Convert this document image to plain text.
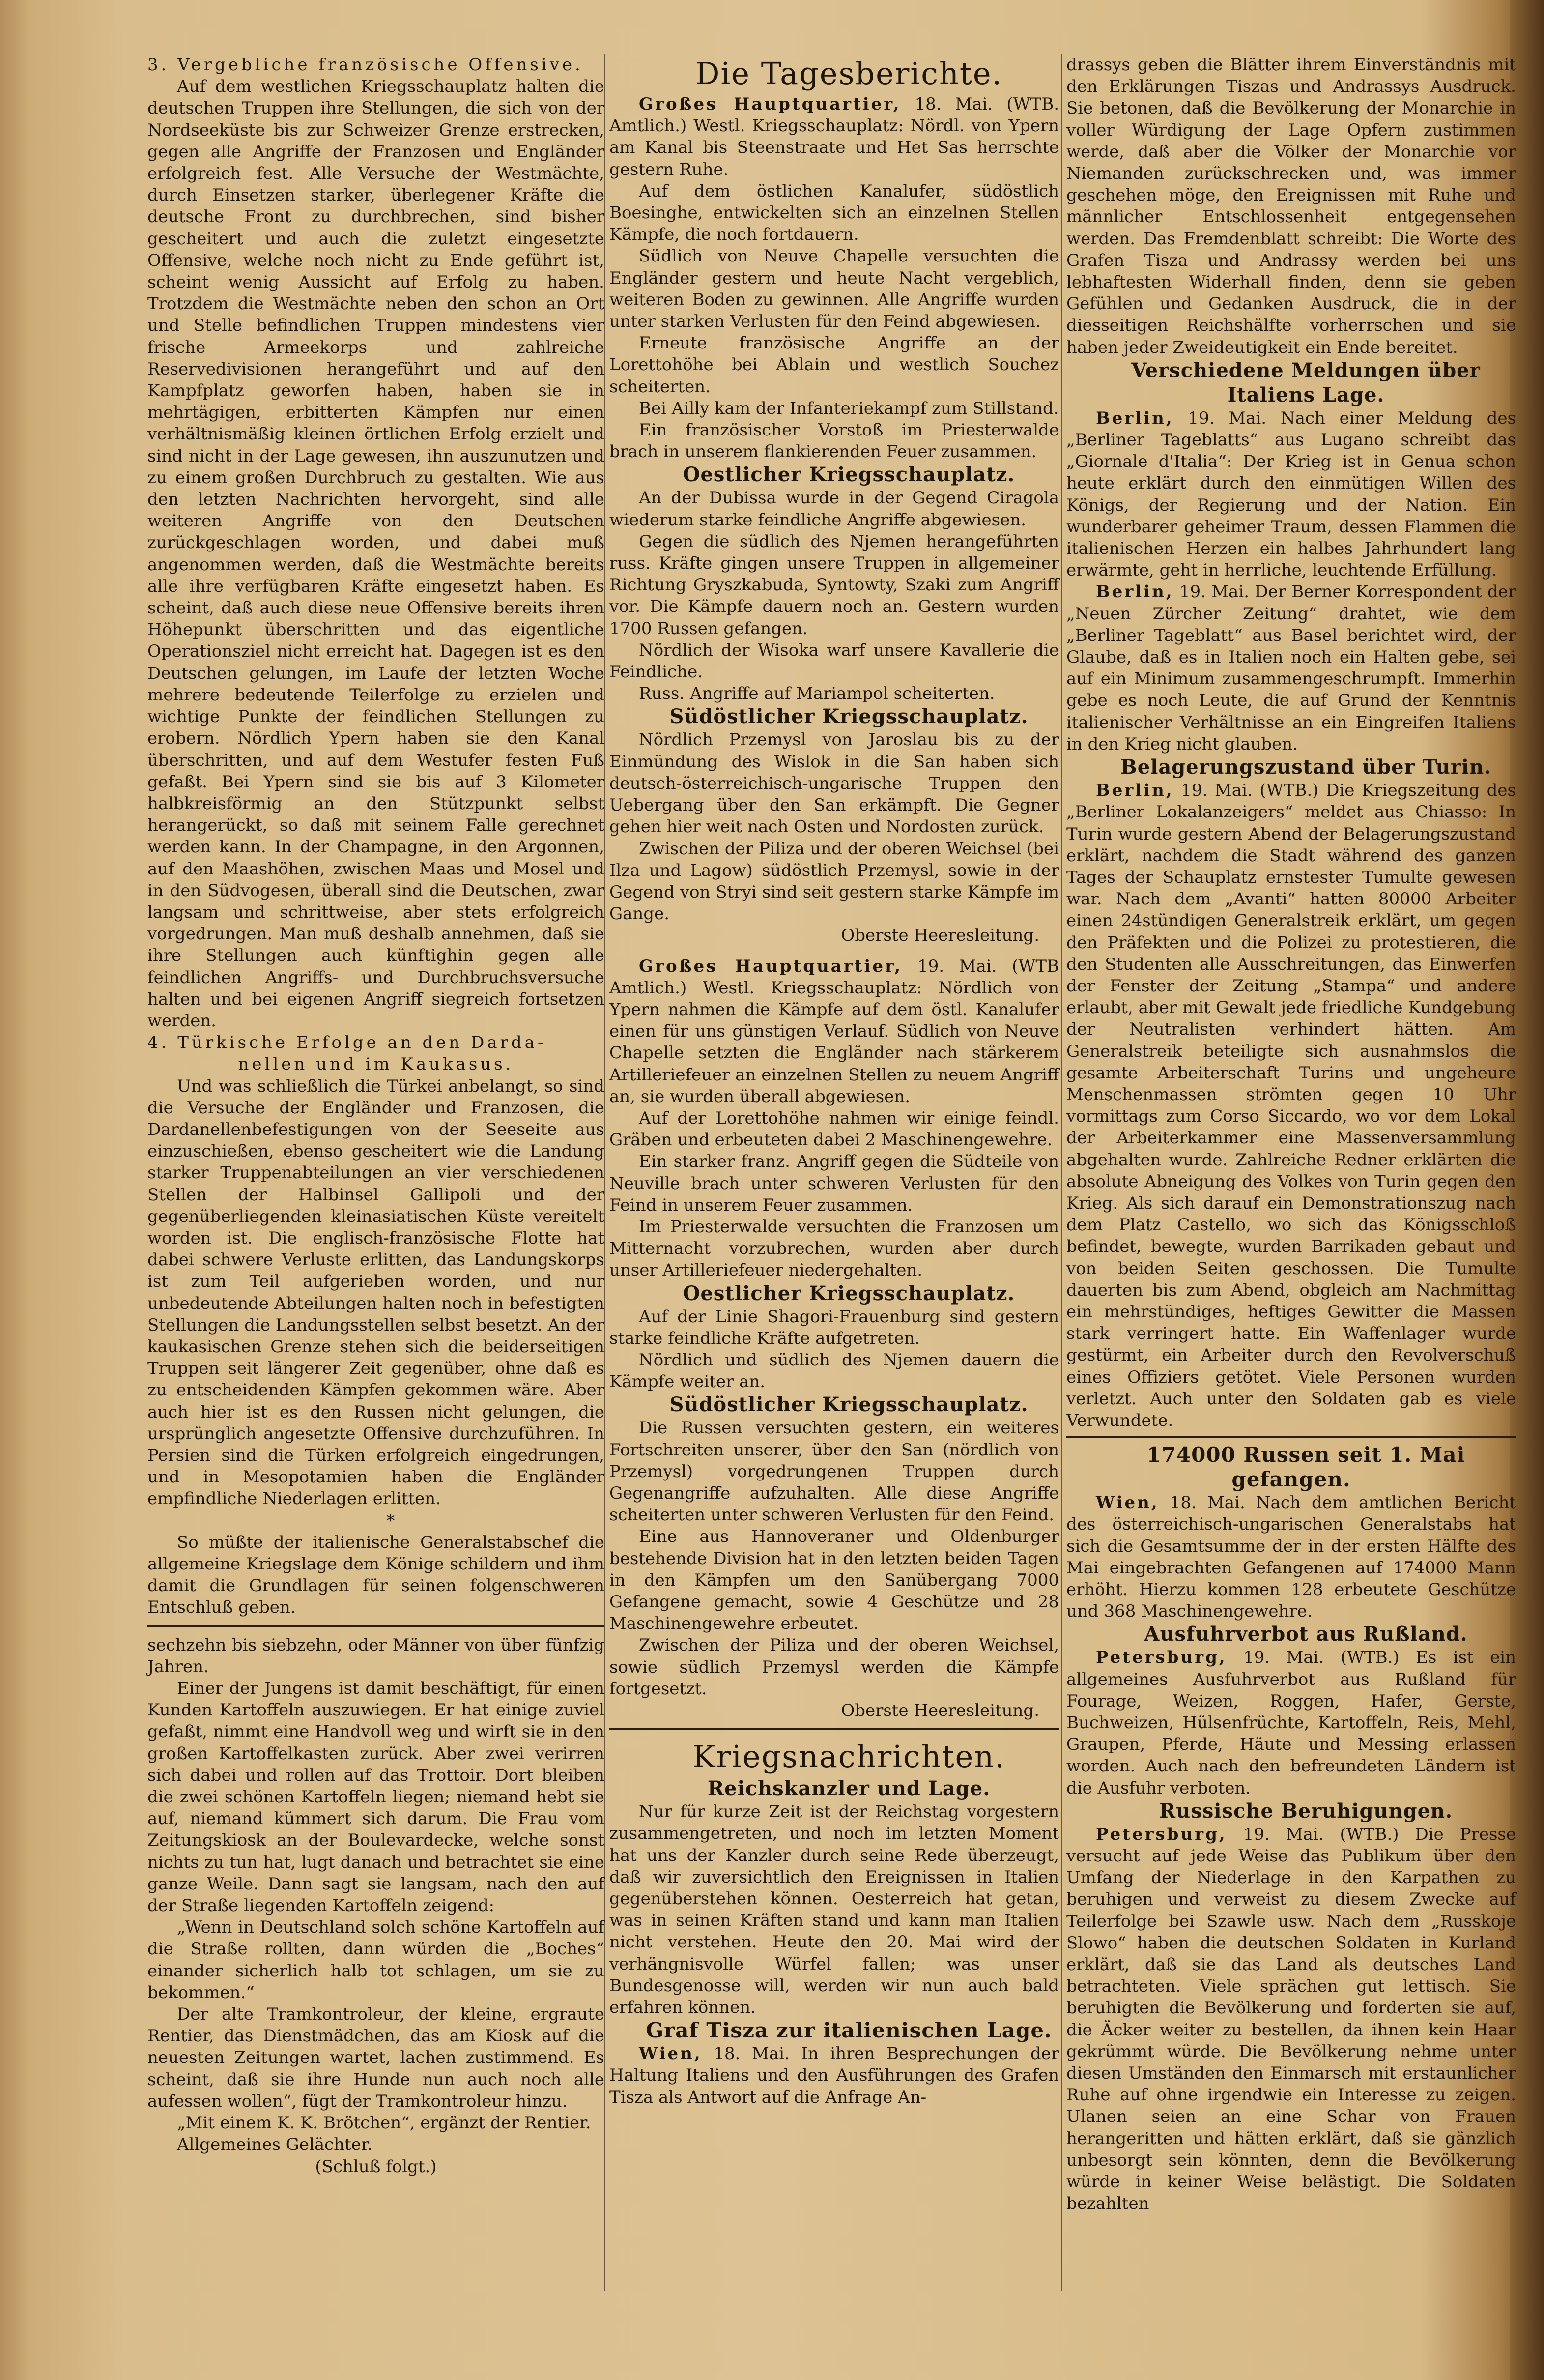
3. Vergebliche französische Offensive.

Auf dem westlichen Kriegsschauplatz halten die deutschen Truppen ihre Stellungen, die sich von der Nordseeküste bis zur Schweizer Grenze erstrecken, gegen alle Angriffe der Franzosen und Engländer erfolgreich fest. Alle Versuche der Westmächte, durch Einsetzen starker, überlegener Kräfte die deutsche Front zu durchbrechen, sind bisher gescheitert und auch die zuletzt eingesetzte Offensive, welche noch nicht zu Ende geführt ist, scheint wenig Aussicht auf Erfolg zu haben. Trotzdem die Westmächte neben den schon an Ort und Stelle befindlichen Truppen mindestens vier frische Armeekorps und zahlreiche Reservedivisionen herangeführt und auf den Kampfplatz geworfen haben, haben sie in mehrtägigen, erbitterten Kämpfen nur einen verhältnismäßig kleinen örtlichen Erfolg erzielt und sind nicht in der Lage gewesen, ihn auszunutzen und zu einem großen Durchbruch zu gestalten. Wie aus den letzten Nachrichten hervorgeht, sind alle weiteren Angriffe von den Deutschen zurückgeschlagen worden, und dabei muß angenommen werden, daß die Westmächte bereits alle ihre verfügbaren Kräfte eingesetzt haben. Es scheint, daß auch diese neue Offensive bereits ihren Höhepunkt überschritten und das eigentliche Operationsziel nicht erreicht hat. Dagegen ist es den Deutschen gelungen, im Laufe der letzten Woche mehrere bedeutende Teilerfolge zu erzielen und wichtige Punkte der feindlichen Stellungen zu erobern. Nördlich Ypern haben sie den Kanal überschritten, und auf dem Westufer festen Fuß gefaßt. Bei Ypern sind sie bis auf 3 Kilometer halbkreisförmig an den Stützpunkt selbst herangerückt, so daß mit seinem Falle gerechnet werden kann. In der Champagne, in den Argonnen, auf den Maashöhen, zwischen Maas und Mosel und in den Südvogesen, überall sind die Deutschen, zwar langsam und schrittweise, aber stets erfolgreich vorgedrungen. Man muß deshalb annehmen, daß sie ihre Stellungen auch künftighin gegen alle feindlichen Angriffs- und Durchbruchsversuche halten und bei eigenen Angriff siegreich fortsetzen werden.

4. Türkische Erfolge an den Darda-

nellen und im Kaukasus.

Und was schließlich die Türkei anbelangt, so sind die Versuche der Engländer und Franzosen, die Dardanellenbefestigungen von der Seeseite aus einzuschießen, ebenso gescheitert wie die Landung starker Truppenabteilungen an vier verschiedenen Stellen der Halbinsel Gallipoli und der gegenüberliegenden kleinasiatischen Küste vereitelt worden ist. Die englisch-französische Flotte hat dabei schwere Verluste erlitten, das Landungskorps ist zum Teil aufgerieben worden, und nur unbedeutende Abteilungen halten noch in befestigten Stellungen die Landungsstellen selbst besetzt. An der kaukasischen Grenze stehen sich die beiderseitigen Truppen seit längerer Zeit gegenüber, ohne daß es zu entscheidenden Kämpfen gekommen wäre. Aber auch hier ist es den Russen nicht gelungen, die ursprünglich angesetzte Offensive durchzuführen. In Persien sind die Türken erfolgreich eingedrungen, und in Mesopotamien haben die Engländer empfindliche Niederlagen erlitten.

*

So müßte der italienische Generalstabschef die allgemeine Kriegslage dem Könige schildern und ihm damit die Grundlagen für seinen folgenschweren Entschluß geben.

sechzehn bis siebzehn, oder Männer von über fünfzig Jahren.

Einer der Jungens ist damit beschäftigt, für einen Kunden Kartoffeln auszuwiegen. Er hat einige zuviel gefaßt, nimmt eine Handvoll weg und wirft sie in den großen Kartoffelkasten zurück. Aber zwei verirren sich dabei und rollen auf das Trottoir. Dort bleiben die zwei schönen Kartoffeln liegen; niemand hebt sie auf, niemand kümmert sich darum. Die Frau vom Zeitungskiosk an der Boulevardecke, welche sonst nichts zu tun hat, lugt danach und betrachtet sie eine ganze Weile. Dann sagt sie langsam, nach den auf der Straße liegenden Kartoffeln zeigend:

„Wenn in Deutschland solch schöne Kartoffeln auf die Straße rollten, dann würden die „Boches“ einander sicherlich halb tot schlagen, um sie zu bekommen.“

Der alte Tramkontroleur, der kleine, ergraute Rentier, das Dienstmädchen, das am Kiosk auf die neuesten Zeitungen wartet, lachen zustimmend. Es scheint, daß sie ihre Hunde nun auch noch alle aufessen wollen“, fügt der Tramkontroleur hinzu.

„Mit einem K. K. Brötchen“, ergänzt der Rentier.

Allgemeines Gelächter.

(Schluß folgt.)

Die Tagesberichte.

Großes Hauptquartier, 18. Mai. (WTB. Amtlich.) Westl. Kriegsschauplatz: Nördl. von Ypern am Kanal bis Steenstraate und Het Sas herrschte gestern Ruhe.

Auf dem östlichen Kanalufer, südöstlich Boesinghe, entwickelten sich an einzelnen Stellen Kämpfe, die noch fortdauern.

Südlich von Neuve Chapelle versuchten die Engländer gestern und heute Nacht vergeblich, weiteren Boden zu gewinnen. Alle Angriffe wurden unter starken Verlusten für den Feind abgewiesen.

Erneute französische Angriffe an der Lorettohöhe bei Ablain und westlich Souchez scheiterten.

Bei Ailly kam der Infanteriekampf zum Stillstand.

Ein französischer Vorstoß im Priesterwalde brach in unserem flankierenden Feuer zusammen.

Oestlicher Kriegsschauplatz.

An der Dubissa wurde in der Gegend Ciragola wiederum starke feindliche Angriffe abgewiesen.

Gegen die südlich des Njemen herangeführten russ. Kräfte gingen unsere Truppen in allgemeiner Richtung Gryszkabuda, Syntowty, Szaki zum Angriff vor. Die Kämpfe dauern noch an. Gestern wurden 1700 Russen gefangen.

Nördlich der Wisoka warf unsere Kavallerie die Feindliche.

Russ. Angriffe auf Mariampol scheiterten.

Südöstlicher Kriegsschauplatz.

Nördlich Przemysl von Jaroslau bis zu der Einmündung des Wislok in die San haben sich deutsch-österreichisch-ungarische Truppen den Uebergang über den San erkämpft. Die Gegner gehen hier weit nach Osten und Nordosten zurück.

Zwischen der Piliza und der oberen Weichsel (bei Ilza und Lagow) südöstlich Przemysl, sowie in der Gegend von Stryi sind seit gestern starke Kämpfe im Gange.

Oberste Heeresleitung.

Großes Hauptquartier, 19. Mai. (WTB Amtlich.) Westl. Kriegsschauplatz: Nördlich von Ypern nahmen die Kämpfe auf dem östl. Kanalufer einen für uns günstigen Verlauf. Südlich von Neuve Chapelle setzten die Engländer nach stärkerem Artilleriefeuer an einzelnen Stellen zu neuem Angriff an, sie wurden überall abgewiesen.

Auf der Lorettohöhe nahmen wir einige feindl. Gräben und erbeuteten dabei 2 Maschinengewehre.

Ein starker franz. Angriff gegen die Südteile von Neuville brach unter schweren Verlusten für den Feind in unserem Feuer zusammen.

Im Priesterwalde versuchten die Franzosen um Mitternacht vorzubrechen, wurden aber durch unser Artilleriefeuer niedergehalten.

Oestlicher Kriegsschauplatz.

Auf der Linie Shagori-Frauenburg sind gestern starke feindliche Kräfte aufgetreten.

Nördlich und südlich des Njemen dauern die Kämpfe weiter an.

Südöstlicher Kriegsschauplatz.

Die Russen versuchten gestern, ein weiteres Fortschreiten unserer, über den San (nördlich von Przemysl) vorgedrungenen Truppen durch Gegenangriffe aufzuhalten. Alle diese Angriffe scheiterten unter schweren Verlusten für den Feind.

Eine aus Hannoveraner und Oldenburger bestehende Division hat in den letzten beiden Tagen in den Kämpfen um den Sanübergang 7000 Gefangene gemacht, sowie 4 Geschütze und 28 Maschinengewehre erbeutet.

Zwischen der Piliza und der oberen Weichsel, sowie südlich Przemysl werden die Kämpfe fortgesetzt.

Oberste Heeresleitung.

Kriegsnachrichten.

Reichskanzler und Lage.

Nur für kurze Zeit ist der Reichstag vorgestern zusammengetreten, und noch im letzten Moment hat uns der Kanzler durch seine Rede überzeugt, daß wir zuversichtlich den Ereignissen in Italien gegenüberstehen können. Oesterreich hat getan, was in seinen Kräften stand und kann man Italien nicht verstehen. Heute den 20. Mai wird der verhängnisvolle Würfel fallen; was unser Bundesgenosse will, werden wir nun auch bald erfahren können.

Graf Tisza zur italienischen Lage.

Wien, 18. Mai. In ihren Besprechungen der Haltung Italiens und den Ausführungen des Grafen Tisza als Antwort auf die Anfrage An-

drassys geben die Blätter ihrem Einverständnis mit den Erklärungen Tiszas und Andrassys Ausdruck. Sie betonen, daß die Bevölkerung der Monarchie in voller Würdigung der Lage Opfern zustimmen werde, daß aber die Völker der Monarchie vor Niemanden zurückschrecken und, was immer geschehen möge, den Ereignissen mit Ruhe und männlicher Entschlossenheit entgegensehen werden. Das Fremdenblatt schreibt: Die Worte des Grafen Tisza und Andrassy werden bei uns lebhaftesten Widerhall finden, denn sie geben Gefühlen und Gedanken Ausdruck, die in der diesseitigen Reichshälfte vorherrschen und sie haben jeder Zweideutigkeit ein Ende bereitet.

Verschiedene Meldungen über

Italiens Lage.

Berlin, 19. Mai. Nach einer Meldung des „Berliner Tageblatts“ aus Lugano schreibt das „Giornale d'Italia“: Der Krieg ist in Genua schon heute erklärt durch den einmütigen Willen des Königs, der Regierung und der Nation. Ein wunderbarer geheimer Traum, dessen Flammen die italienischen Herzen ein halbes Jahrhundert lang erwärmte, geht in herrliche, leuchtende Erfüllung.

Berlin, 19. Mai. Der Berner Korrespondent der „Neuen Zürcher Zeitung“ drahtet, wie dem „Berliner Tageblatt“ aus Basel berichtet wird, der Glaube, daß es in Italien noch ein Halten gebe, sei auf ein Minimum zusammengeschrumpft. Immerhin gebe es noch Leute, die auf Grund der Kenntnis italienischer Verhältnisse an ein Eingreifen Italiens in den Krieg nicht glauben.

Belagerungszustand über Turin.

Berlin, 19. Mai. (WTB.) Die Kriegszeitung des „Berliner Lokalanzeigers“ meldet aus Chiasso: In Turin wurde gestern Abend der Belagerungszustand erklärt, nachdem die Stadt während des ganzen Tages der Schauplatz ernstester Tumulte gewesen war. Nach dem „Avanti“ hatten 80000 Arbeiter einen 24stündigen Generalstreik erklärt, um gegen den Präfekten und die Polizei zu protestieren, die den Studenten alle Ausschreitungen, das Einwerfen der Fenster der Zeitung „Stampa“ und andere erlaubt, aber mit Gewalt jede friedliche Kundgebung der Neutralisten verhindert hätten. Am Generalstreik beteiligte sich ausnahmslos die gesamte Arbeiterschaft Turins und ungeheure Menschenmassen strömten gegen 10 Uhr vormittags zum Corso Siccardo, wo vor dem Lokal der Arbeiterkammer eine Massenversammlung abgehalten wurde. Zahlreiche Redner erklärten die absolute Abneigung des Volkes von Turin gegen den Krieg. Als sich darauf ein Demonstrationszug nach dem Platz Castello, wo sich das Königsschloß befindet, bewegte, wurden Barrikaden gebaut und von beiden Seiten geschossen. Die Tumulte dauerten bis zum Abend, obgleich am Nachmittag ein mehrstündiges, heftiges Gewitter die Massen stark verringert hatte. Ein Waffenlager wurde gestürmt, ein Arbeiter durch den Revolverschuß eines Offiziers getötet. Viele Personen wurden verletzt. Auch unter den Soldaten gab es viele Verwundete.

174000 Russen seit 1. Mai gefangen.

Wien, 18. Mai. Nach dem amtlichen Bericht des österreichisch-ungarischen Generalstabs hat sich die Gesamtsumme der in der ersten Hälfte des Mai eingebrachten Gefangenen auf 174000 Mann erhöht. Hierzu kommen 128 erbeutete Geschütze und 368 Maschinengewehre.

Ausfuhrverbot aus Rußland.

Petersburg, 19. Mai. (WTB.) Es ist ein allgemeines Ausfuhrverbot aus Rußland für Fourage, Weizen, Roggen, Hafer, Gerste, Buchweizen, Hülsenfrüchte, Kartoffeln, Reis, Mehl, Graupen, Pferde, Häute und Messing erlassen worden. Auch nach den befreundeten Ländern ist die Ausfuhr verboten.

Russische Beruhigungen.

Petersburg, 19. Mai. (WTB.) Die Presse versucht auf jede Weise das Publikum über den Umfang der Niederlage in den Karpathen zu beruhigen und verweist zu diesem Zwecke auf Teilerfolge bei Szawle usw. Nach dem „Russkoje Slowo“ haben die deutschen Soldaten in Kurland erklärt, daß sie das Land als deutsches Land betrachteten. Viele sprächen gut lettisch. Sie beruhigten die Bevölkerung und forderten sie auf, die Äcker weiter zu bestellen, da ihnen kein Haar gekrümmt würde. Die Bevölkerung nehme unter diesen Umständen den Einmarsch mit erstaunlicher Ruhe auf ohne irgendwie ein Interesse zu zeigen. Ulanen seien an eine Schar von Frauen herangeritten und hätten erklärt, daß sie gänzlich unbesorgt sein könnten, denn die Bevölkerung würde in keiner Weise belästigt. Die Soldaten bezahlten
